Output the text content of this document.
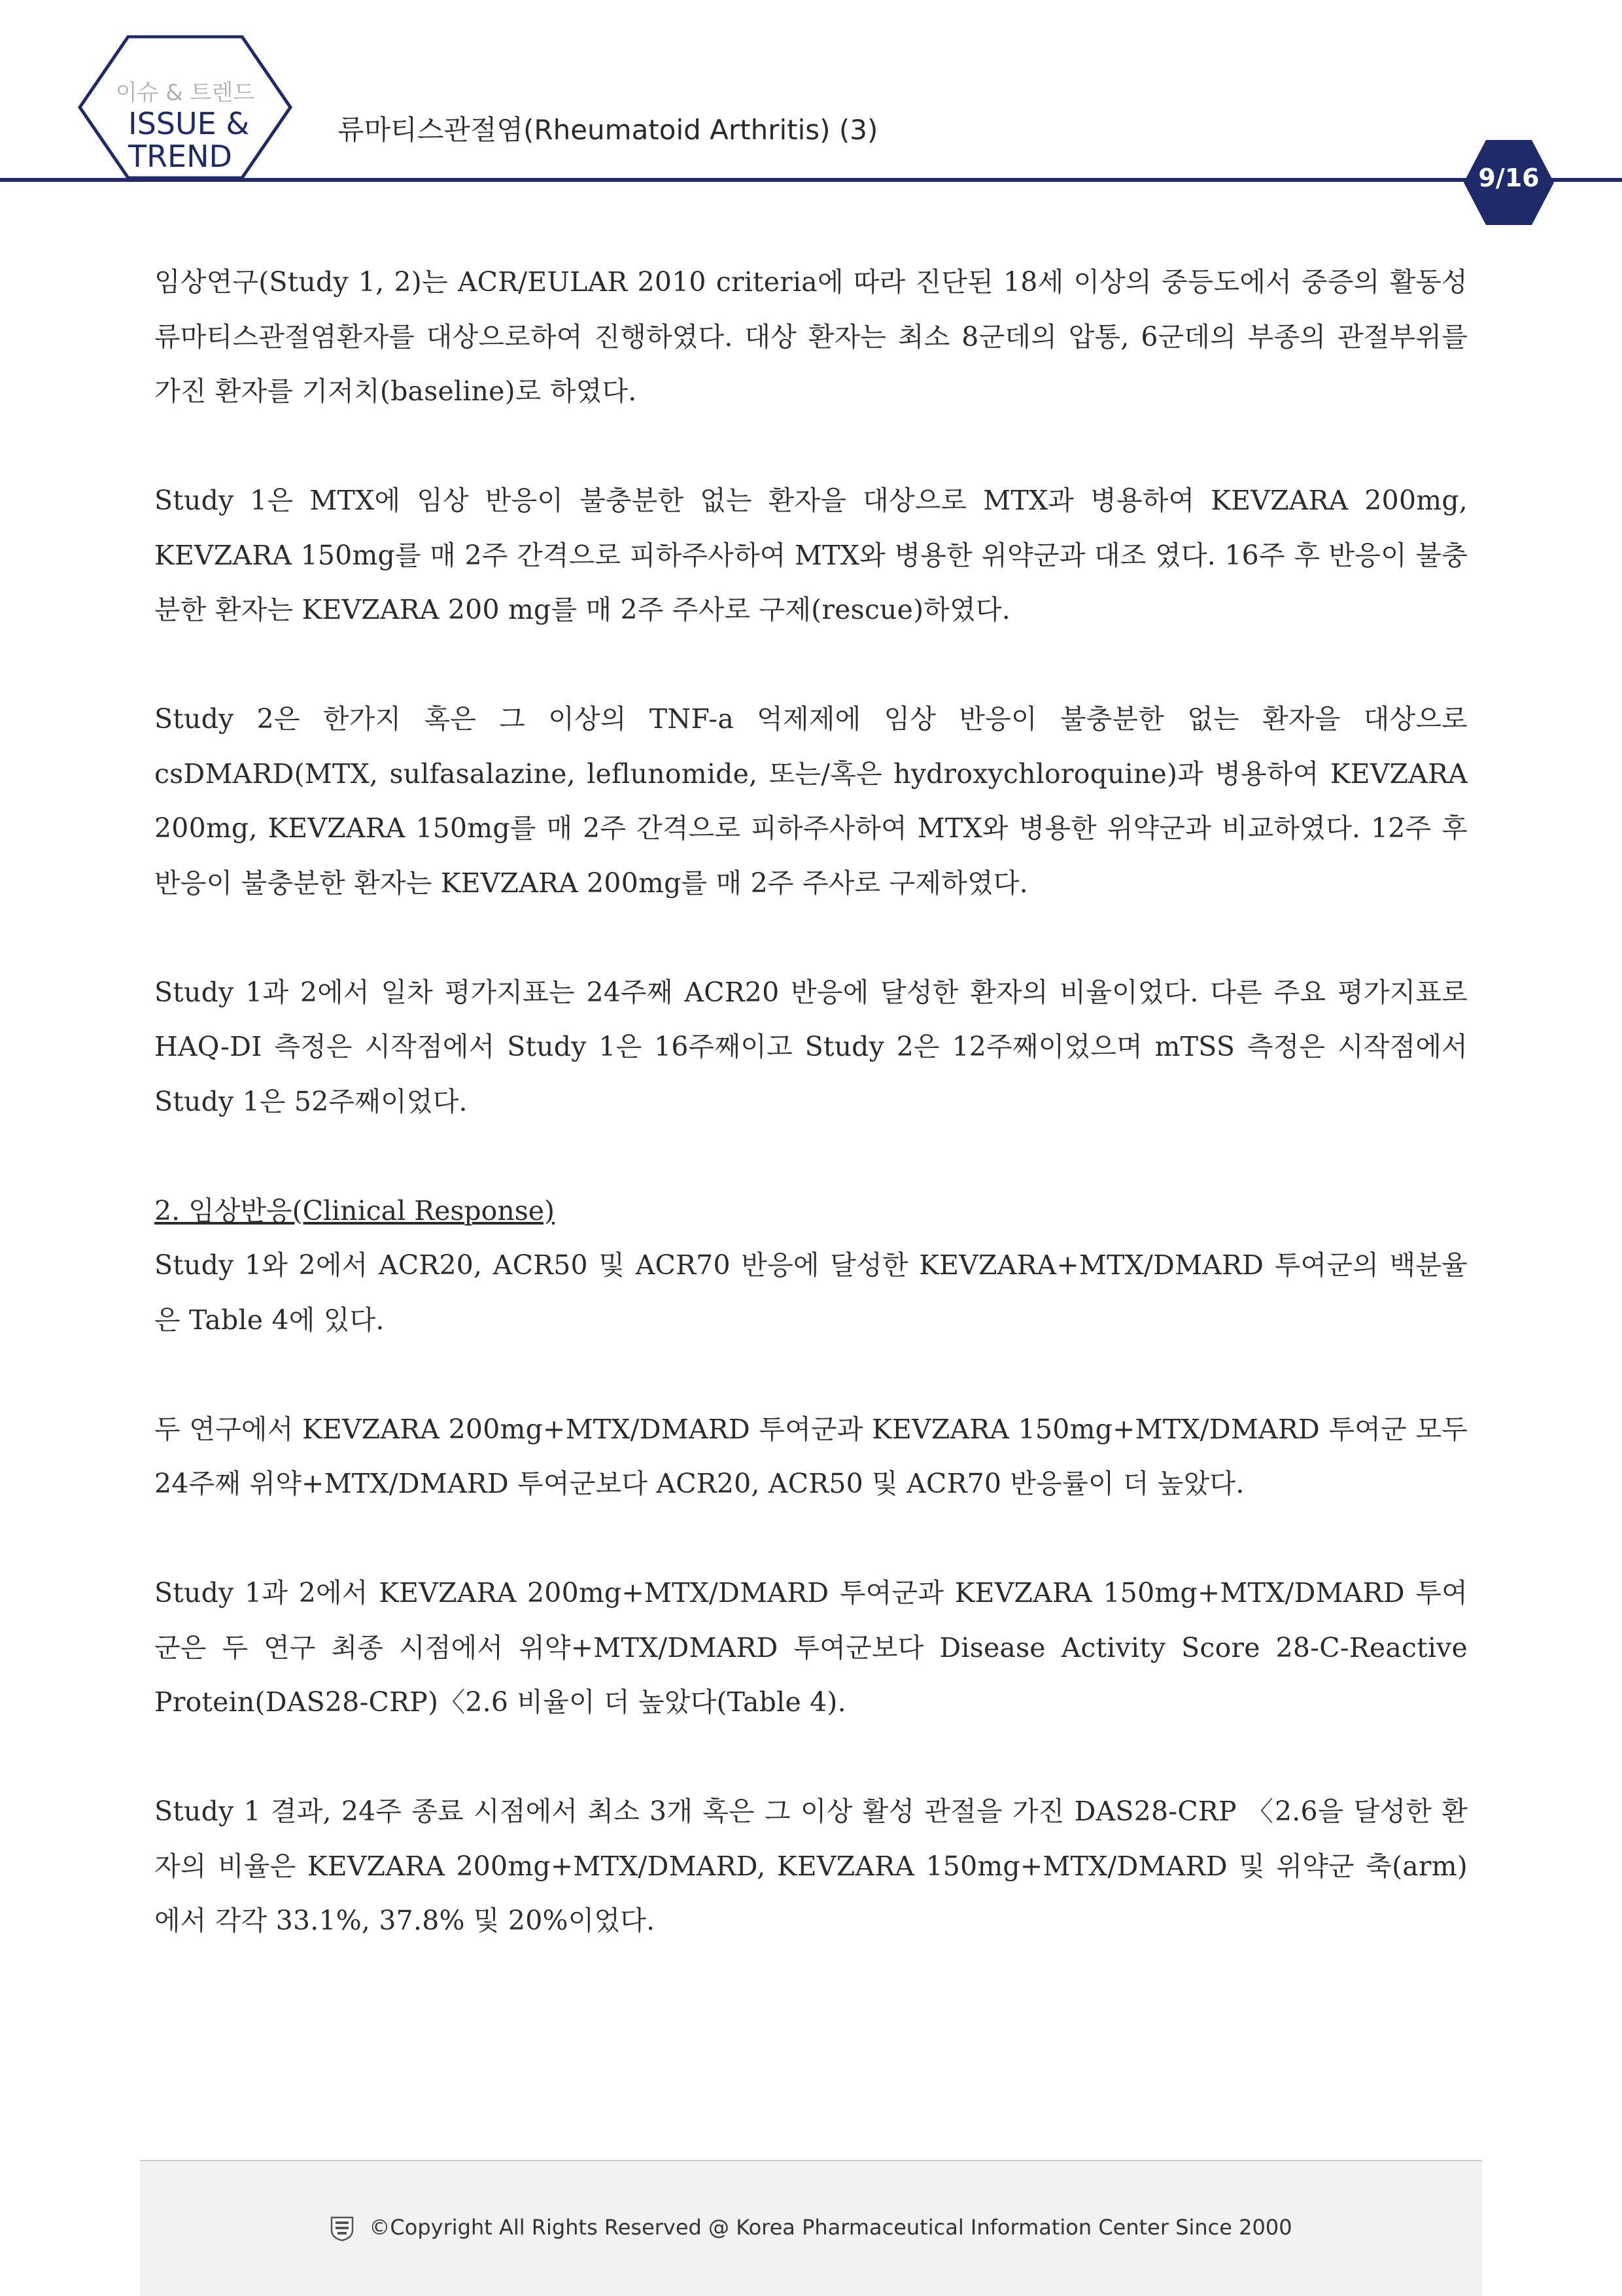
이슈 & 트렌드
ISSUE &
TREND
류마티스관절염(Rheumatoid Arthritis) (3)
9/16

임상연구(Study 1, 2)는 ACR/EULAR 2010 criteria에 따라 진단된 18세 이상의 중등도에서 중증의 활동성 류마티스관절염환자를 대상으로하여 진행하였다. 대상 환자는 최소 8군데의 압통, 6군데의 부종의 관절부위를 가진 환자를 기저치(baseline)로 하였다.

Study 1은 MTX에 임상 반응이 불충분한 없는 환자을 대상으로 MTX과 병용하여 KEVZARA 200mg, KEVZARA 150mg를 매 2주 간격으로 피하주사하여 MTX와 병용한 위약군과 대조 였다. 16주 후 반응이 불충분한 환자는 KEVZARA 200 mg를 매 2주 주사로 구제(rescue)하였다.

Study 2은 한가지 혹은 그 이상의 TNF-a 억제제에 임상 반응이 불충분한 없는 환자을 대상으로 csDMARD(MTX, sulfasalazine, leflunomide, 또는/혹은 hydroxychloroquine)과 병용하여 KEVZARA 200mg, KEVZARA 150mg를 매 2주 간격으로 피하주사하여 MTX와 병용한 위약군과 비교하였다. 12주 후 반응이 불충분한 환자는 KEVZARA 200mg를 매 2주 주사로 구제하였다.

Study 1과 2에서 일차 평가지표는 24주째 ACR20 반응에 달성한 환자의 비율이었다. 다른 주요 평가지표로 HAQ-DI 측정은 시작점에서 Study 1은 16주째이고 Study 2은 12주째이었으며 mTSS 측정은 시작점에서 Study 1은 52주째이었다.

2. 임상반응(Clinical Response)

Study 1와 2에서 ACR20, ACR50 및 ACR70 반응에 달성한 KEVZARA+MTX/DMARD 투여군의 백분율은 Table 4에 있다.

두 연구에서 KEVZARA 200mg+MTX/DMARD 투여군과 KEVZARA 150mg+MTX/DMARD 투여군 모두 24주째 위약+MTX/DMARD 투여군보다 ACR20, ACR50 및 ACR70 반응률이 더 높았다.

Study 1과 2에서 KEVZARA 200mg+MTX/DMARD 투여군과 KEVZARA 150mg+MTX/DMARD 투여군은 두 연구 최종 시점에서 위약+MTX/DMARD 투여군보다 Disease Activity Score 28-C-Reactive Protein(DAS28-CRP)〈2.6 비율이 더 높았다(Table 4).

Study 1 결과, 24주 종료 시점에서 최소 3개 혹은 그 이상 활성 관절을 가진 DAS28-CRP 〈2.6을 달성한 환자의 비율은 KEVZARA 200mg+MTX/DMARD, KEVZARA 150mg+MTX/DMARD 및 위약군 축(arm)에서 각각 33.1%, 37.8% 및 20%이었다.

©Copyright All Rights Reserved @ Korea Pharmaceutical Information Center Since 2000
